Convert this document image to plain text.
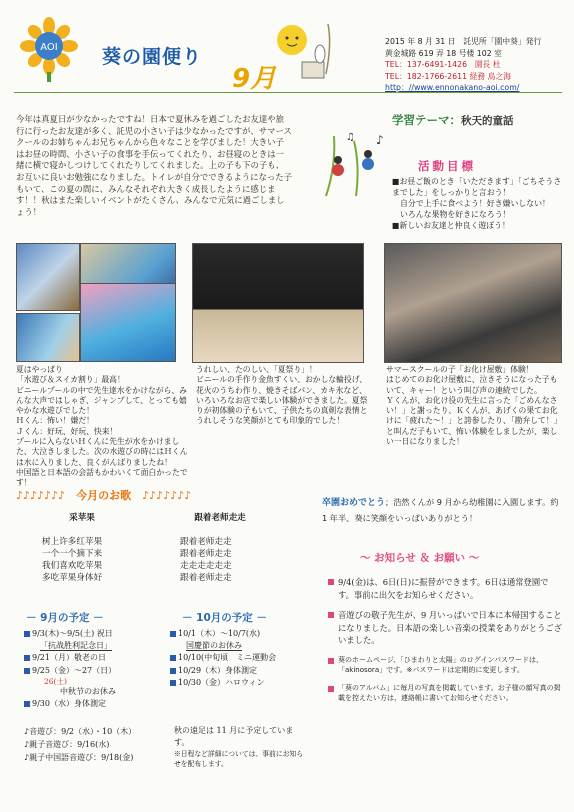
AOI 葵の園便り
9月
2015 年 8 月 31 日　託児所「園中葵」発行
黄金城路 619 弄 18 号楼 102 室
TEL：137-6491-1426　園長 杜
TEL：182-1766-2611 経務 鳥之海
http：//www.ennonakano-aoi.com/
今年は真夏日が少なかったですね！日本で夏休みを過ごしたお友達や旅行に行ったお友達が多く、託児の小さい子は少なかったですが、サマースクールのお姉ちゃんお兄ちゃんから色々なことを学びました！大きい子はお昼の時間、小さい子の食事を手伝ってくれたり、お昼寝のときは一緒に横で寝かしつけしてくれたりしてくれました。上の子も下の子も、お互いに良いお勉強になりました。トイレが自分でできるようになった子もいて、この夏の間に、みんなそれぞれ大きく成長したように感じます！！秋はまた楽しいイベントがたくさん、みんなで元気に過ごしましょう！
学習テーマ：秋天的童話
♪
♫
活動目標
■お昼ご飯のとき「いただきます」「ごちそうさまでした」をしっかりと言おう！
自分で上手に食べよう！好き嫌いしない！
いろんな果物を好きになろう！
■新しいお友達と仲良く遊ぼう！
夏はやっぱり
「水遊び＆スイカ割り」最高！
ビニールプールの中で先生達水をかけながら、みんな大声ではしゃぎ、ジャンプして、とっても嬉やかな水遊びでした！
Ｈくん：怖い！嫌だ！
Ｊくん：好玩、好玩、快来！
プールに入らないＨくんに先生が水をかけました、大泣きしました。次の水遊びの時にはＨくんは水に入りました、良くがんばりましたね！
中国語と日本語の会話もかわいくて面白かったです！
うれしい、たのしい、「夏祭り」！
ビニールの手作り金魚すくい、おかしな輪投げ、花火のうちわ作り、焼きそばパン、カキ氷など、いろいろなお店で楽しい体験ができました。夏祭りが初体験の子もいて、子供たちの真剣な表情とうれしそうな笑顔がとても印象的でした！
サマースクールの子「お化け屋敷」体験！
はじめてのお化け屋敷に、泣きそうになった子もいて、キャー！という叫び声の連続でした。
Ｙくんが、お化け役の先生に言った「ごめんなさい！」と謝ったり、Ｋくんが、あげくの果てお化けに「疲れた〜！」と誇参したり、「勘弁して！」と叫んだ子もいて、怖い体験をしましたが、楽しい一日になりました！
♪♪♪♪♪♪♪　今月のお歌　♪♪♪♪♪♪♪
采苹果
树上许多红苹果
一个一个摘下来
我们喜欢吃苹果
多吃苹果身体好
跟着老师走走
跟着老师走走
跟着老师走走
走走走走走走
跟着老师走走
－ 9月の予定 －	－ 10月の予定 －
9/3(木)～9/5(土) 祝日
「抗战胜利記念日」
9/21（月）敬老の日
9/25（金）～27（日）
26(土)
中秋节のお休み
9/30（水）身体測定
10/1（木）～10/7(水)
国慶節のお休み
10/10(中旬頃　ミニ運動会
10/29（木）身体測定
10/30（金）ハロウィン
♪音遊び：9/2（水）・10（木）
♪親子音遊び：9/16(水)
♪親子中国語音遊び：9/18(金)
秋の遠足は 11 月に予定しています。
※日程など詳細については、事前にお知らせを配布します。
卒園おめでとう；浩然くんが 9 月から幼稚園に入園します。約 1 年半、葵に笑顔をいっぱいありがとう！
～ お知らせ ＆ お願い ～
9/4(金)は、6日(日)に振替ができます。6日は通常登園です。事前に出欠をお知らせください。
音遊びの敬子先生が、9 月いっぱいで日本に本帰国することになりました。日本語の楽しい音楽の授業をありがとうございました。
葵のホームページ、「ひまわりと太陽」のログインパスワードは、「akinosora」です。※パスワードは定期的に変更します。
「葵のアルバム」に毎月の写真を掲載しています。お子様の顔写真の掲載を控えたい方は、連絡帳に書いてお知らせください。
